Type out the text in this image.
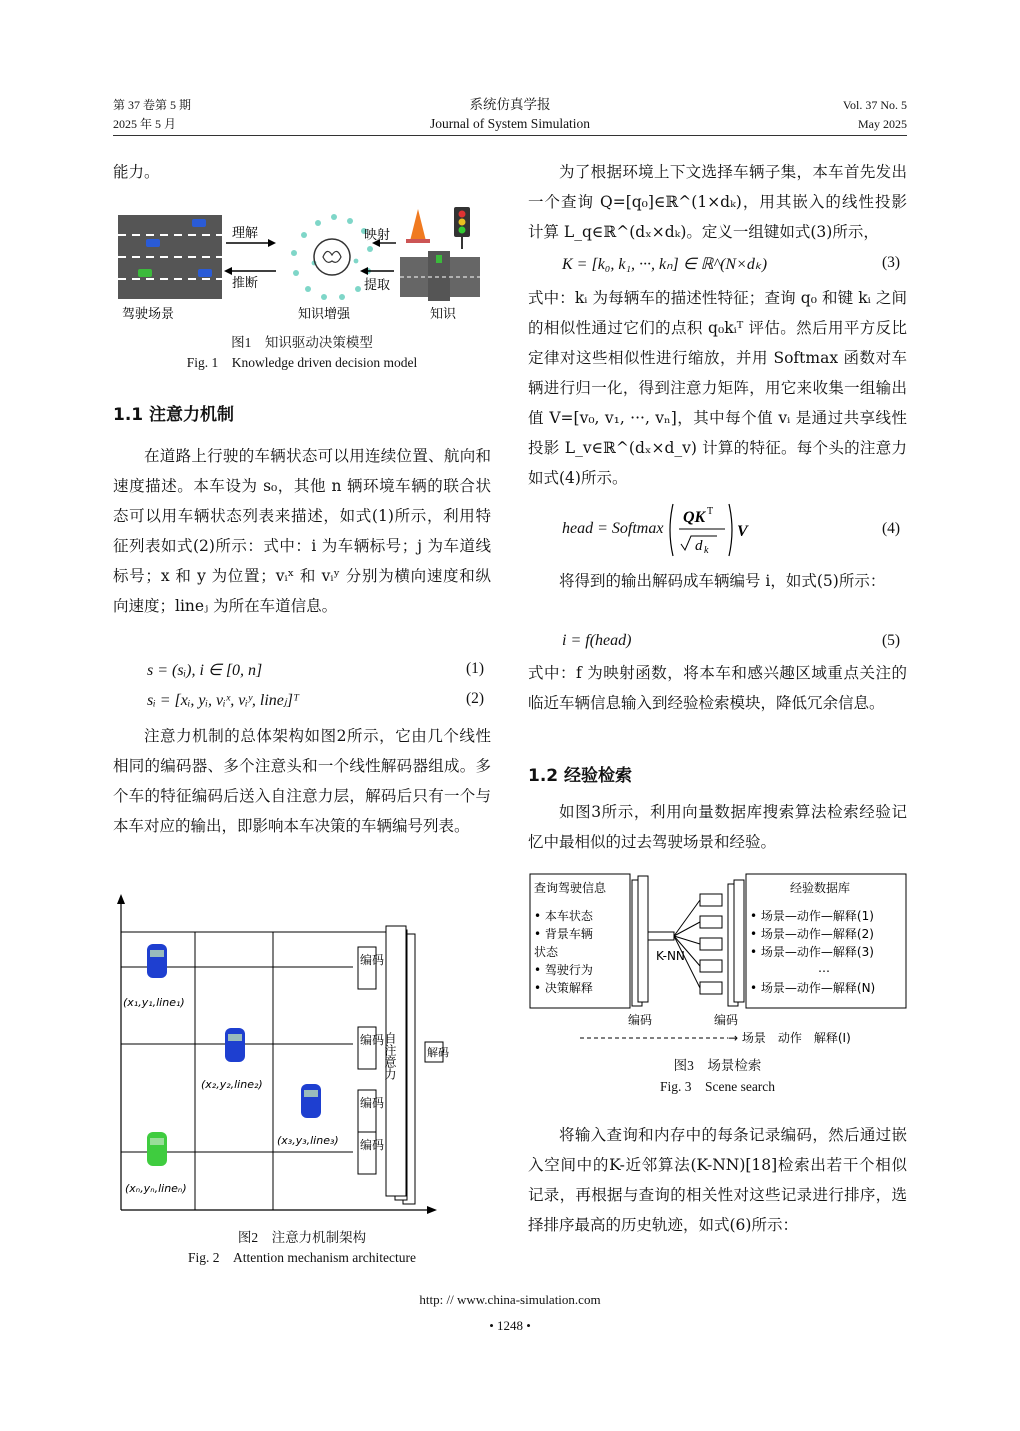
第 37 卷第 5 期
2025 年 5 月
系统仿真学报
Journal of System Simulation
Vol. 37 No. 5
May 2025

能力。

理解
推断
映射
提取
驾驶场景	知识增强	知识
图1　知识驱动决策模型
Fig. 1　Knowledge driven decision model
1.1 注意力机制

在道路上行驶的车辆状态可以用连续位置、航向和速度描述。本车设为 s₀，其他 n 辆环境车辆的联合状态可以用车辆状态列表来描述，如式(1)所示，利用特征列表如式(2)所示：式中：i 为车辆标号；j 为车道线标号；x 和 y 为位置；vᵢˣ 和 vᵢʸ 分别为横向速度和纵向速度；lineⱼ 为所在车道信息。

s = (sᵢ), i ∈ [0, n]	(1)
sᵢ = [xᵢ, yᵢ, vᵢˣ, vᵢʸ, lineⱼ]ᵀ	(2)

注意力机制的总体架构如图2所示，它由几个线性相同的编码器、多个注意头和一个线性解码器组成。多个车的特征编码后送入自注意力层，解码后只有一个与本车对应的输出，即影响本车决策的车辆编号列表。

(x₁,y₁,line₁)
(x₂,y₂,line₂)
(x₃,y₃,line₃)
(xₙ,yₙ,lineₙ)
编码
编码
编码
编码
自注意力	解码
图2　注意力机制架构
Fig. 2　Attention mechanism architecture

为了根据环境上下文选择车辆子集，本车首先发出一个查询 Q=[q₀]∈ℝ^(1×dₖ)，用其嵌入的线性投影计算 L_q∈ℝ^(dₓ×dₖ)。定义一组键如式(3)所示，

K = [k₀, k₁, ···, kₙ] ∈ ℝ^(N×dₖ)	(3)

式中：kᵢ 为每辆车的描述性特征；查询 q₀ 和键 kᵢ 之间的相似性通过它们的点积 q₀kᵢᵀ 评估。然后用平方反比定律对这些相似性进行缩放，并用 Softmax 函数对车辆进行归一化，得到注意力矩阵，用它来收集一组输出值 V=[v₀, v₁, ···, vₙ]，其中每个值 vᵢ 是通过共享线性投影 L_v∈ℝ^(dₓ×d_v) 计算的特征。每个头的注意力如式(4)所示。

head = Softmax
QK T
d k
V	(4)

将得到的输出解码成车辆编号 i，如式(5)所示：

i = f(head)	(5)

式中：f 为映射函数，将本车和感兴趣区域重点关注的临近车辆信息输入到经验检索模块，降低冗余信息。

1.2 经验检索

如图3所示，利用向量数据库搜索算法检索经验记忆中最相似的过去驾驶场景和经验。

查询驾驶信息
• 本车状态
• 背景车辆
状态
• 驾驶行为
• 决策解释
K-NN
经验数据库
• 场景—动作—解释(1)
• 场景—动作—解释(2)
• 场景—动作—解释(3)
…
• 场景—动作—解释(N)
编码	编码
→ 场景　动作　解释(I)
图3　场景检索
Fig. 3　Scene search

将输入查询和内存中的每条记录编码，然后通过嵌入空间中的K-近邻算法(K-NN)[18]检索出若干个相似记录，再根据与查询的相关性对这些记录进行排序，选择排序最高的历史轨迹，如式(6)所示：

http: // www.china-simulation.com
• 1248 •
